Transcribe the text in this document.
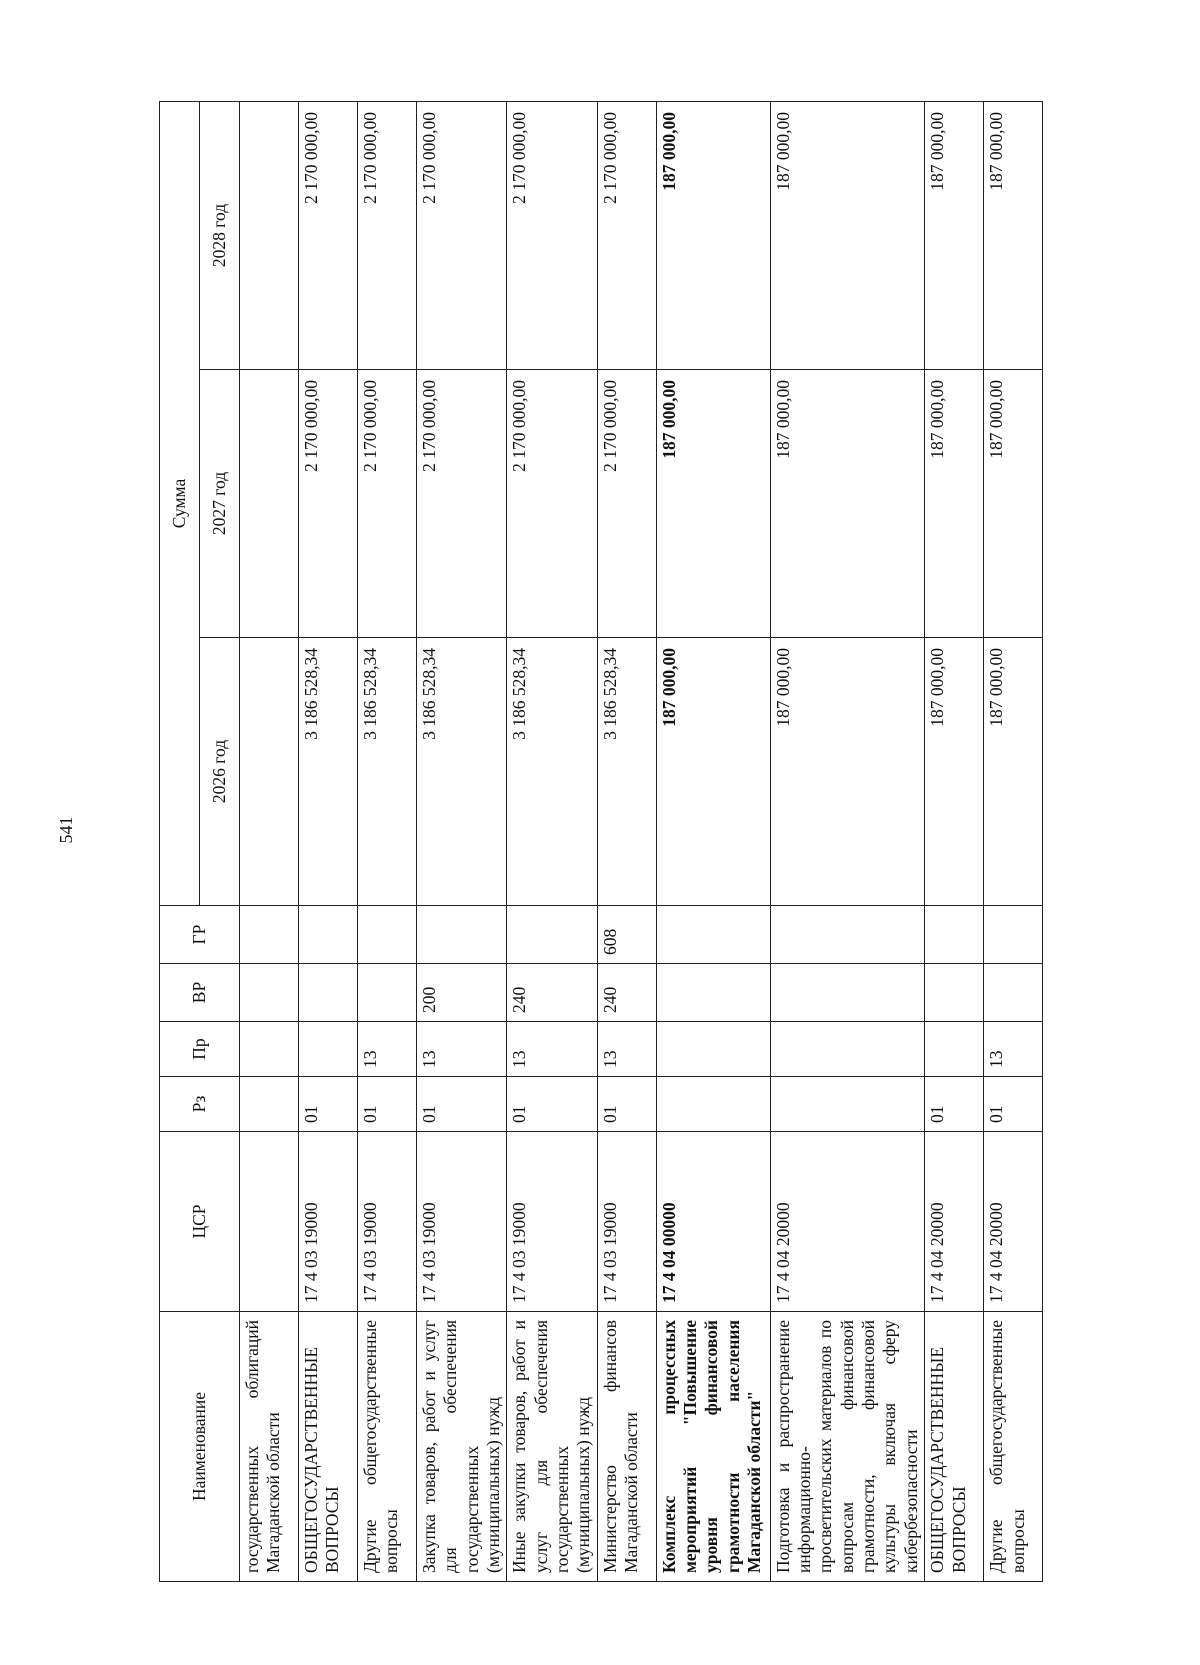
541
Наименование	ЦСР	Рз	Пр	ВР	ГР	Сумма		
						2026 год	2027 год	2028 год
государственных облигаций Магаданской области								
ОБЩЕГОСУДАРСТВЕННЫЕ ВОПРОСЫ	17 4 03 19000	01				3 186 528,34	2 170 000,00	2 170 000,00
Другие общегосударственные вопросы	17 4 03 19000	01	13			3 186 528,34	2 170 000,00	2 170 000,00
Закупка товаров, работ и услуг для обеспечения государственных (муниципальных) нужд	17 4 03 19000	01	13	200		3 186 528,34	2 170 000,00	2 170 000,00
Иные закупки товаров, работ и услуг для обеспечения государственных (муниципальных) нужд	17 4 03 19000	01	13	240		3 186 528,34	2 170 000,00	2 170 000,00
Министерство финансов Магаданской области	17 4 03 19000	01	13	240	608	3 186 528,34	2 170 000,00	2 170 000,00
Комплекс процессных мероприятий "Повышение уровня финансовой грамотности населения Магаданской области"	17 4 04 00000					187 000,00	187 000,00	187 000,00
Подготовка и распространение информационно-просветительских материалов по вопросам финансовой грамотности, финансовой культуры включая сферу кибербезопасности	17 4 04 20000					187 000,00	187 000,00	187 000,00
ОБЩЕГОСУДАРСТВЕННЫЕ ВОПРОСЫ	17 4 04 20000	01				187 000,00	187 000,00	187 000,00
Другие общегосударственные вопросы	17 4 04 20000	01	13			187 000,00	187 000,00	187 000,00
